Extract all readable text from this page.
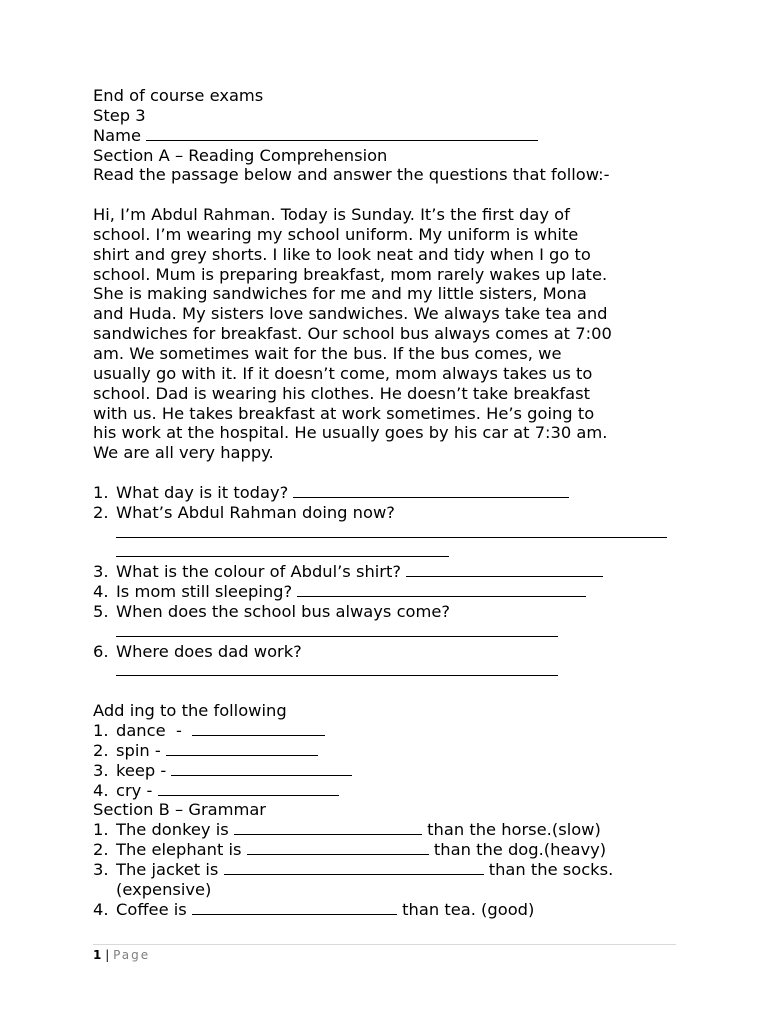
End of course exams
Step 3
Name
Section A – Reading Comprehension
Read the passage below and answer the questions that follow:-
Hi, I’m Abdul Rahman. Today is Sunday. It’s the first day of
school. I’m wearing my school uniform. My uniform is white
shirt and grey shorts. I like to look neat and tidy when I go to
school. Mum is preparing breakfast, mom rarely wakes up late.
She is making sandwiches for me and my little sisters, Mona
and Huda. My sisters love sandwiches. We always take tea and
sandwiches for breakfast. Our school bus always comes at 7:00
am. We sometimes wait for the bus. If the bus comes, we
usually go with it. If it doesn’t come, mom always takes us to
school. Dad is wearing his clothes. He doesn’t take breakfast
with us. He takes breakfast at work sometimes. He’s going to
his work at the hospital. He usually goes by his car at 7:30 am.
We are all very happy.
1. What day is it today?
2. What’s Abdul Rahman doing now?
3. What is the colour of Abdul’s shirt?
4. Is mom still sleeping?
5. When does the school bus always come?
6. Where does dad work?
Add ing to the following
1. dance  -
2. spin -
3. keep -
4. cry -
Section B – Grammar
1. The donkey is	than the horse.(slow)
2. The elephant is	than the dog.(heavy)
3. The jacket is	than the socks.
(expensive)
4. Coffee is	than tea. (good)
1 | Page
